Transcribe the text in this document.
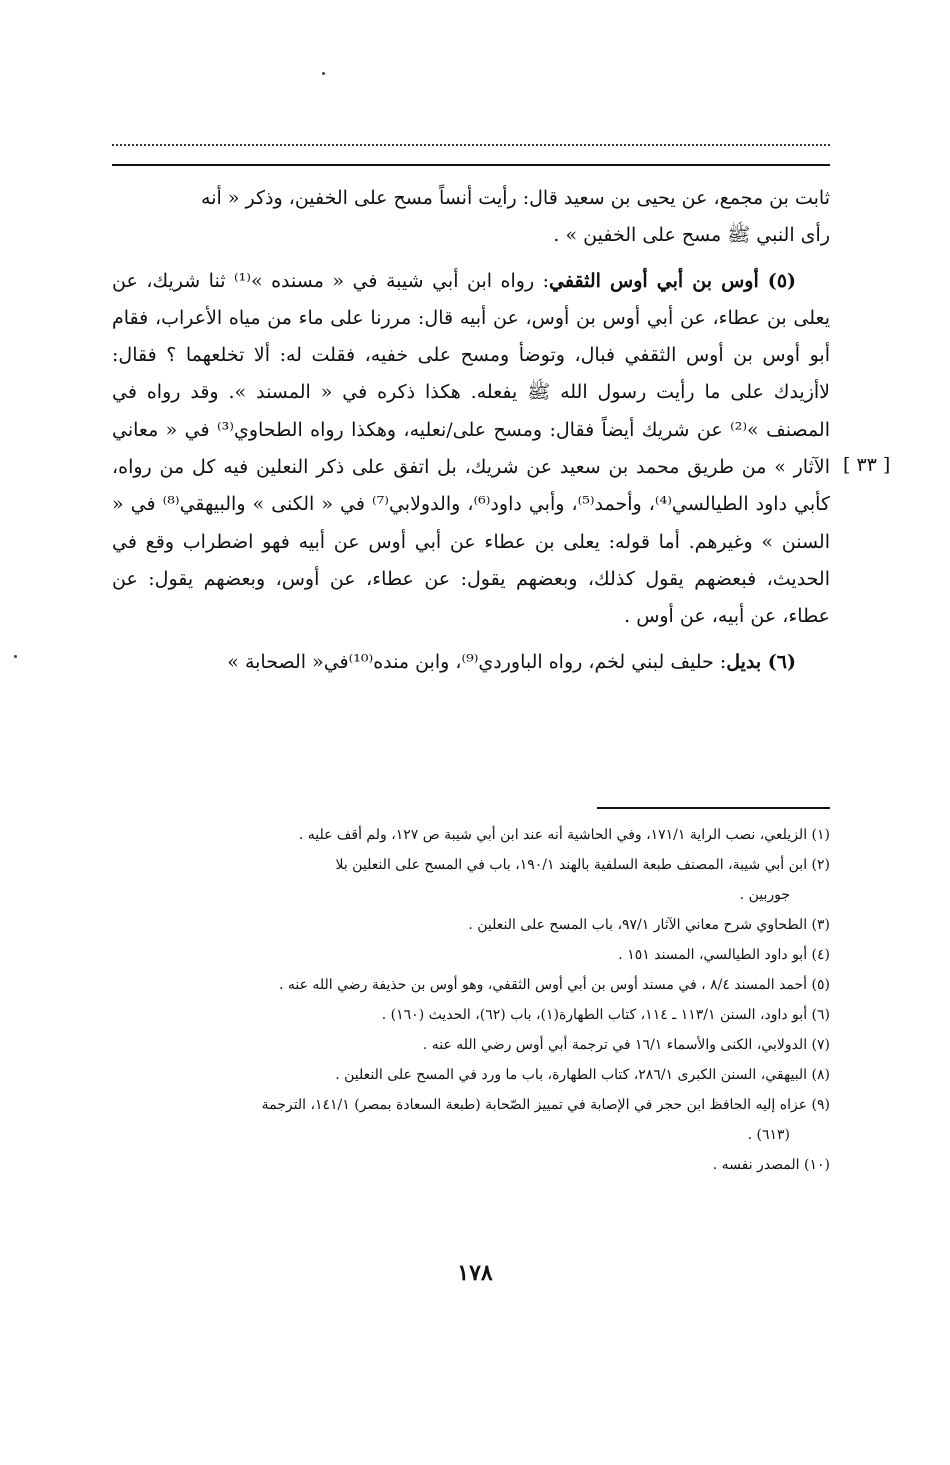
ثابت بن مجمع، عن يحيى بن سعيد قال: رأيت أنساً مسح على الخفين، وذكر « أنه
رأى النبي ﷺ مسح على الخفين » .

(٥) أوس بن أبي أوس الثقفي: رواه ابن أبي شيبة في « مسنده »⁽¹⁾ ثنا شريك، عن يعلى بن عطاء، عن أبي أوس بن أوس، عن أبيه قال: مررنا على ماء من مياه الأعراب، فقام أبو أوس بن أوس الثقفي فبال، وتوضأ ومسح على خفيه، فقلت له: ألا تخلعهما ؟ فقال: لاأزيدك على ما رأيت رسول الله ﷺ يفعله. هكذا ذكره في « المسند ». وقد رواه في المصنف »⁽²⁾ عن شريك أيضاً فقال: ومسح على/نعليه، وهكذا رواه الطحاوي⁽³⁾ في « معاني الآثار » من طريق محمد بن سعيد عن شريك، بل اتفق على ذكر النعلين فيه كل من رواه، كأبي داود الطيالسي⁽⁴⁾، وأحمد⁽⁵⁾، وأبي داود⁽⁶⁾، والدولابي⁽⁷⁾ في « الكنى » والبيهقي⁽⁸⁾ في « السنن » وغيرهم. أما قوله: يعلى بن عطاء عن أبي أوس عن أبيه فهو اضطراب وقع في الحديث، فبعضهم يقول كذلك، وبعضهم يقول: عن عطاء، عن أوس، وبعضهم يقول: عن عطاء، عن أبيه، عن أوس .

(٦) بديل: حليف لبني لخم، رواه الباوردي⁽⁹⁾، وابن منده⁽¹⁰⁾في« الصحابة »

[ ٣٣ ]

(١) الزيلعي، نصب الراية ١٧١/١، وفي الحاشية أنه عند ابن أبي شيبة ص ١٢٧، ولم أقف عليه .

(٢) ابن أبي شيبة، المصنف طبعة السلفية بالهند ١٩٠/١، باب في المسح على النعلين بلا

جوربين .

(٣) الطحاوي شرح معاني الآثار ٩٧/١، باب المسح على النعلين .

(٤) أبو داود الطيالسي، المسند ١٥١ .

(٥) أحمد المسند ٨/٤ ، في مسند أوس بن أبي أوس الثقفي، وهو أوس بن حذيفة رضي الله عنه .

(٦) أبو داود، السنن ١١٣/١ ـ ١١٤، كتاب الطهارة(١)، باب (٦٢)، الحديث (١٦٠) .

(٧) الدولابي، الكنى والأسماء ١٦/١ في ترجمة أبي أوس رضي الله عنه .

(٨) البيهقي، السنن الكبرى ٢٨٦/١، كتاب الطهارة، باب ما ورد في المسح على النعلين .

(٩) عزاه إليه الحافظ ابن حجر في الإصابة في تمييز الصّحابة (طبعة السعادة بمصر) ١٤١/١، الترجمة

(٦١٣) .

(١٠) المصدر نفسه .

١٧٨
